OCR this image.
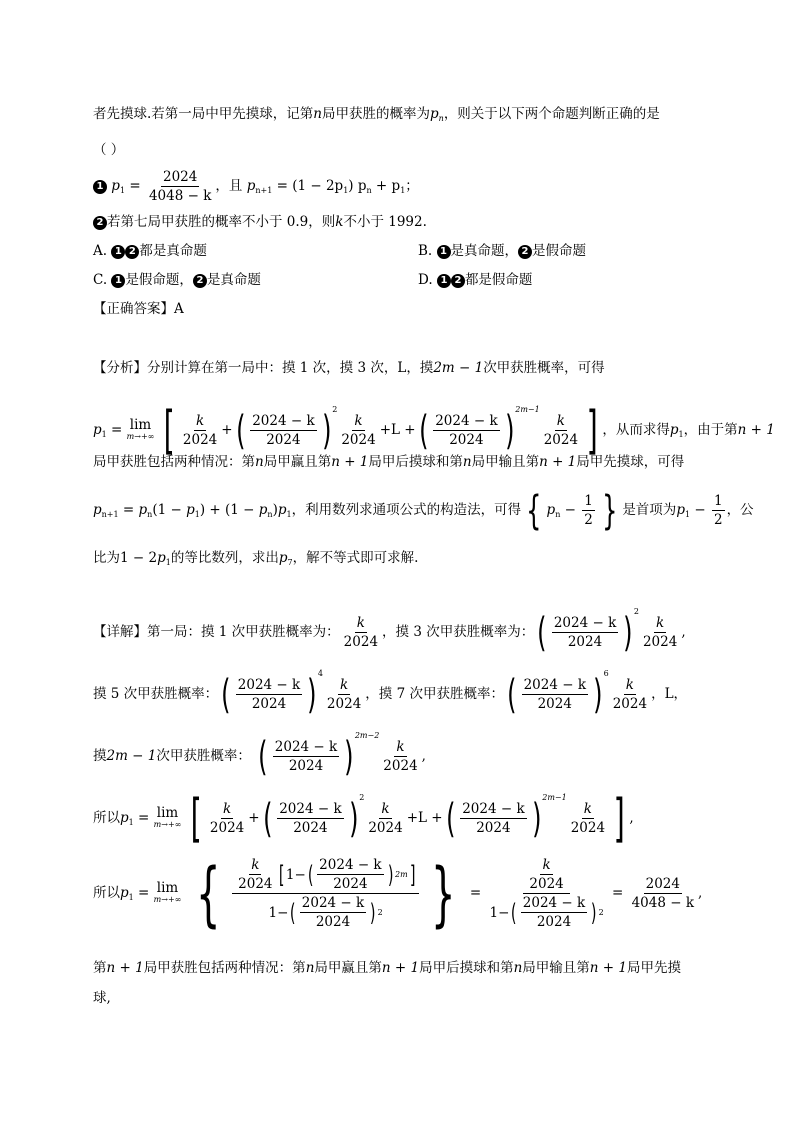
者先摸球.若第一局中甲先摸球，记第n局甲获胜的概率为$p_n$，则关于以下两个命题判断正确的是
（ ）
1 $p_1 = \frac{2024}{4048 - k}$ ，且 $p_{n+1} = (1 - 2p_1) p_n + p_1$；
2 若第七局甲获胜的概率不小于 0.9，则k不小于 1992.
A. 1 2 都是真命题	B. 1 是真命题， 2 是假命题
C. 1 是假命题， 2 是真命题	D. 1 2 都是假命题
【正确答案】A
【分析】分别计算在第一局中：摸 1 次，摸 3 次，L，摸2m − 1次甲获胜概率，可得
$p_1 = \lim$
m→+∞ [ $\frac{k}{2024}$ +( $\frac{2024 - k}{2024} )^2$
$\frac{k}{2024} +L$ +( $\frac{2024 - k}{2024} )^{2m-1}$
$\frac{k}{2024}$ ] ，从而求得$p_1$，由于第n + 1
局甲获胜包括两种情况：第n局甲赢且第n + 1局甲后摸球和第n局甲输且第n + 1局甲先摸球，可得
$p_{n+1} = p_n(1 - p_1) + (1 - p_n)p_1$，利用数列求通项公式的构造法，可得 { $p_n - \frac{1}{2}$ } 是首项为$p_1 - \frac{1}{2}$ ，公
比为$1 - 2p_1$的等比数列，求出$p_7$，解不等式即可求解.
【详解】第一局：摸 1 次甲获胜概率为： $\frac{k}{2024}$ ，摸 3 次甲获胜概率为：( $\frac{2024 - k}{2024} )^2$
$\frac{k}{2024}$ ,
摸 5 次甲获胜概率：( $\frac{2024 - k}{2024} )^4$
$\frac{k}{2024}$ ，摸 7 次甲获胜概率：( $\frac{2024 - k}{2024} )^6$
$\frac{k}{2024}$ ，L，
摸2m − 1次甲获胜概率： ( $\frac{2024 - k}{2024} )^{2m-2}$
$\frac{k}{2024}$ ,
所以$p_1 = \lim$
m→+∞ [ $\frac{k}{2024}$ +( $\frac{2024 - k}{2024} )^2$
$\frac{k}{2024} +L$ +( $\frac{2024 - k}{2024} )^{2m-1}$
$\frac{k}{2024}$ ] ,
所以$p_1 = \lim$
m→+∞ { $\frac{\frac{k}{2024} [ 1- ( \frac{2024 - k}{2024} ) 2m ]}{1- ( \frac{2024 - k}{2024} ) 2}$ } = $\frac{\frac{k}{2024}}{1- ( \frac{2024 - k}{2024} ) 2} = \frac{2024}{4048 - k}$ ,
第n + 1局甲获胜包括两种情况：第n局甲赢且第n + 1局甲后摸球和第n局甲输且第n + 1局甲先摸
球,
